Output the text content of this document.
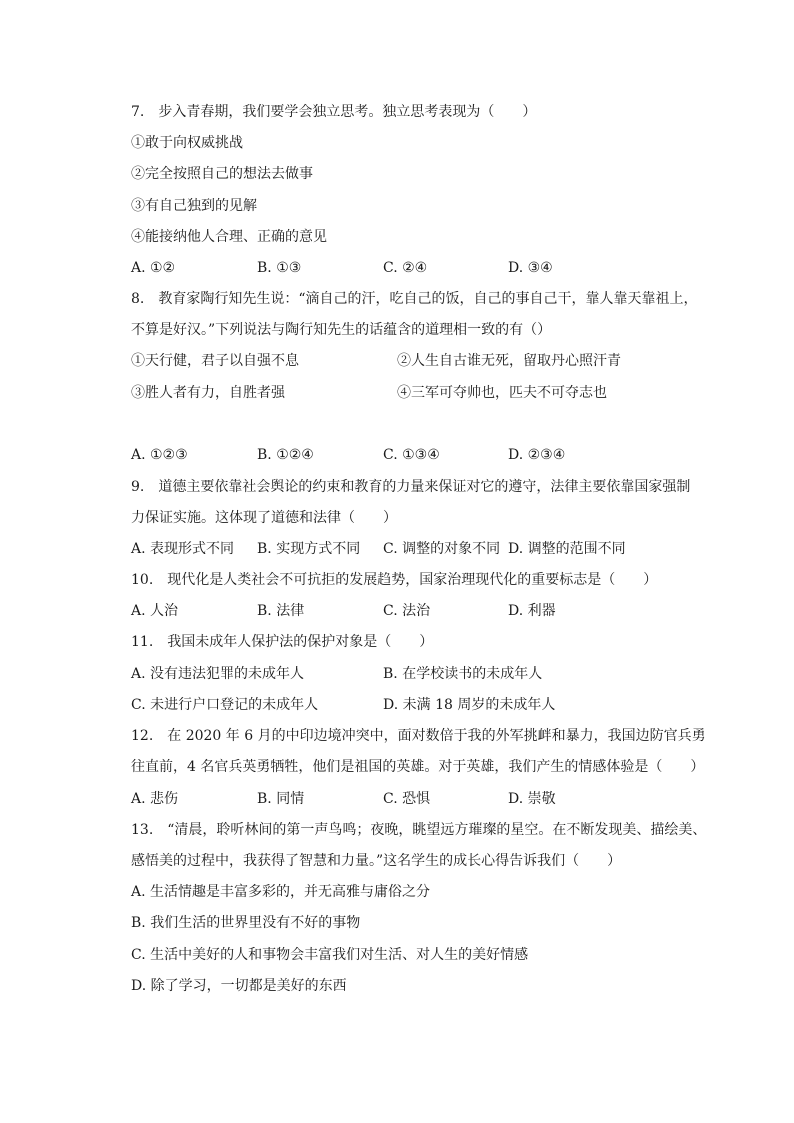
7.　步入青春期，我们要学会独立思考。独立思考表现为（　　）
①敢于向权威挑战
②完全按照自己的想法去做事
③有自己独到的见解
④能接纳他人合理、正确的意见
A. ①②	B. ①③	C. ②④	D. ③④
8.　教育家陶行知先生说：“滴自己的汗，吃自己的饭，自己的事自己干，靠人靠天靠祖上，
不算是好汉。”下列说法与陶行知先生的话蕴含的道理相一致的有（）
①天行健，君子以自强不息	②人生自古谁无死，留取丹心照汗青
③胜人者有力，自胜者强	④三军可夺帅也，匹夫不可夺志也
A. ①②③	B. ①②④	C. ①③④	D. ②③④
9.　道德主要依靠社会舆论的约束和教育的力量来保证对它的遵守，法律主要依靠国家强制
力保证实施。这体现了道德和法律（　　）
A. 表现形式不同 B. 实现方式不同 C. 调整的对象不同 D. 调整的范围不同
10.　现代化是人类社会不可抗拒的发展趋势，国家治理现代化的重要标志是（　　）
A. 人治	B. 法律	C. 法治	D. 利器
11.　我国未成年人保护法的保护对象是（　　）
A. 没有违法犯罪的未成年人	B. 在学校读书的未成年人
C. 未进行户口登记的未成年人	D. 未满 18 周岁的未成年人
12.　在 2020 年 6 月的中印边境冲突中，面对数倍于我的外军挑衅和暴力，我国边防官兵勇
往直前，4 名官兵英勇牺牲，他们是祖国的英雄。对于英雄，我们产生的情感体验是（　　）
A. 悲伤	B. 同情	C. 恐惧	D. 崇敬
13.　“清晨，聆听林间的第一声鸟鸣；夜晚，眺望远方璀璨的星空。在不断发现美、描绘美、
感悟美的过程中，我获得了智慧和力量。”这名学生的成长心得告诉我们（　　）
A. 生活情趣是丰富多彩的，并无高雅与庸俗之分
B. 我们生活的世界里没有不好的事物
C. 生活中美好的人和事物会丰富我们对生活、对人生的美好情感
D. 除了学习，一切都是美好的东西
